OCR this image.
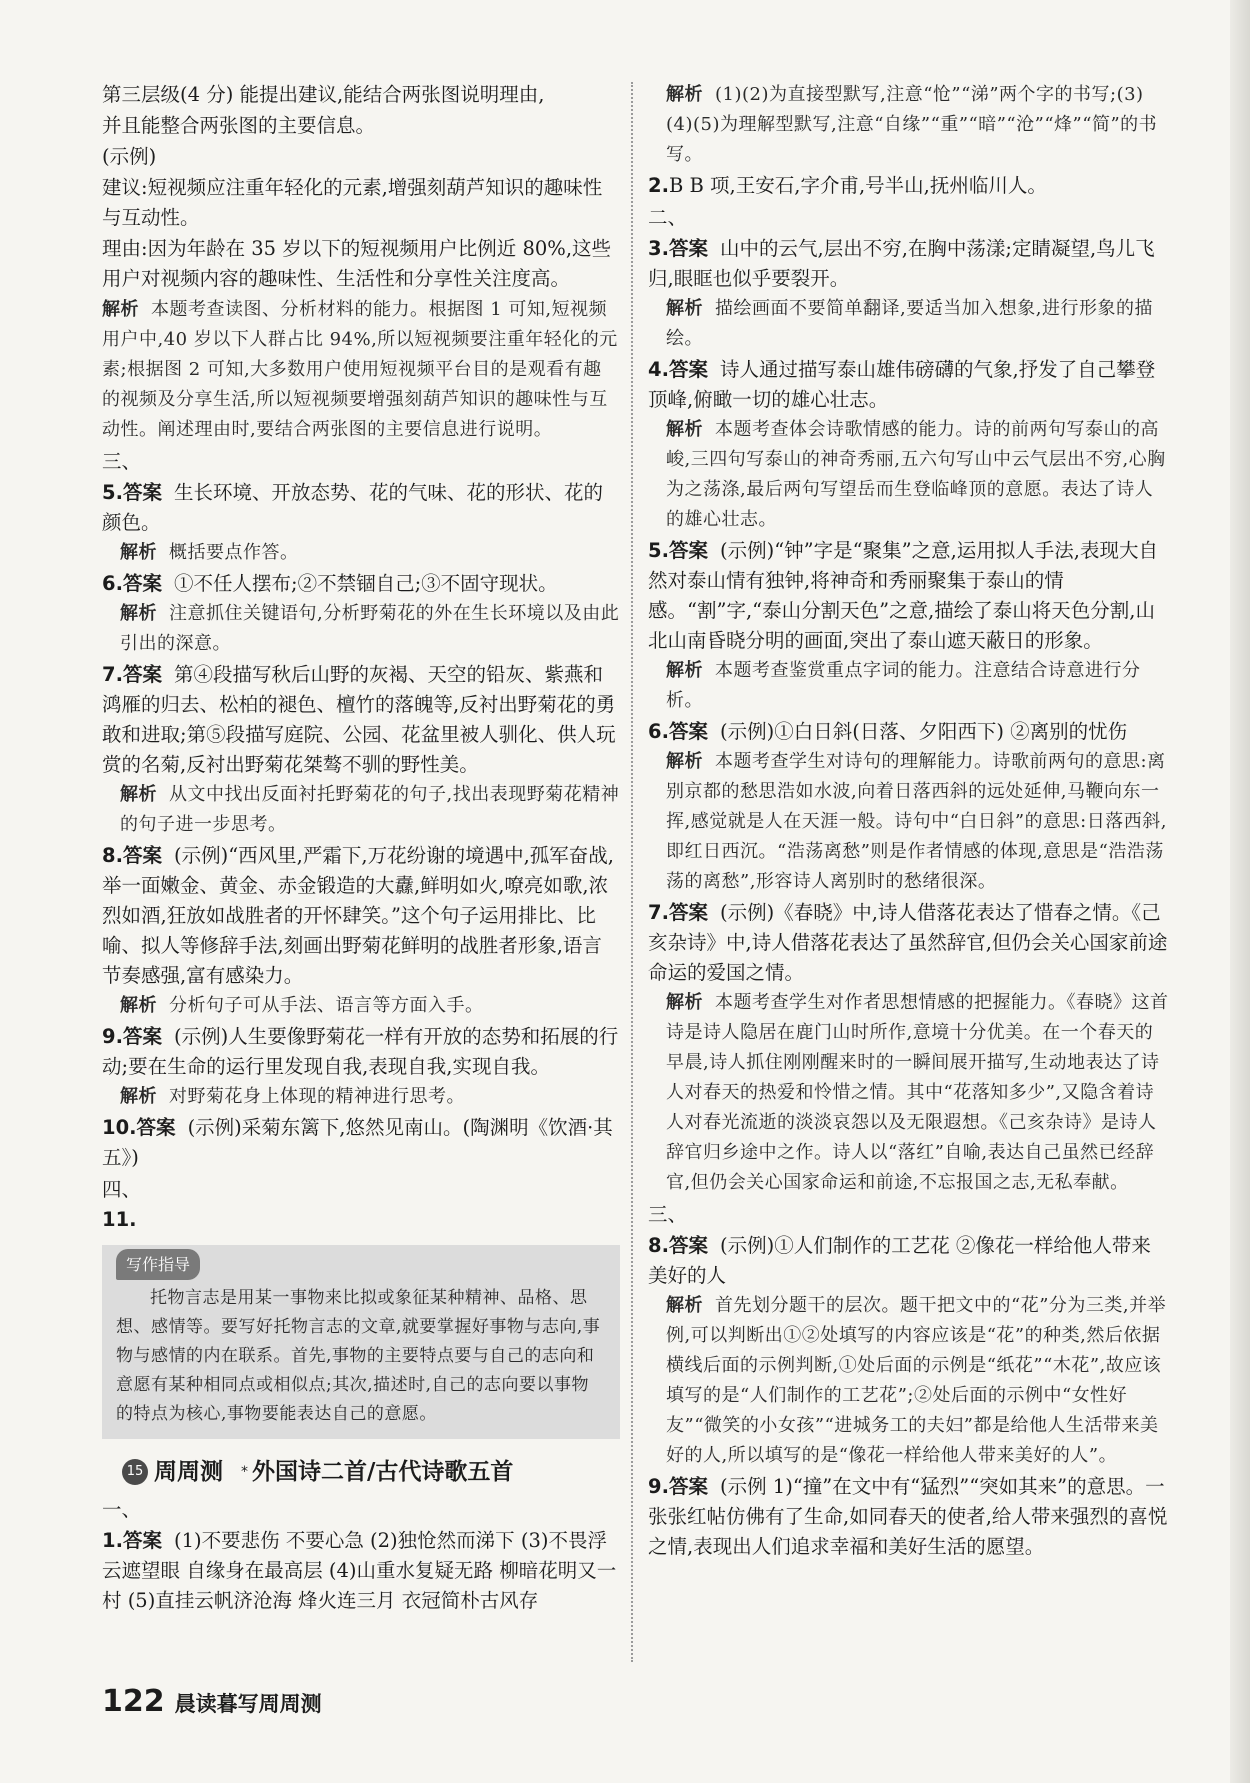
第三层级(4 分) 能提出建议,能结合两张图说明理由,
并且能整合两张图的主要信息。
(示例)
建议:短视频应注重年轻化的元素,增强刻葫芦知识的趣味性与互动性。
理由:因为年龄在 35 岁以下的短视频用户比例近 80%,这些用户对视频内容的趣味性、生活性和分享性关注度高。
解析 本题考查读图、分析材料的能力。根据图 1 可知,短视频用户中,40 岁以下人群占比 94%,所以短视频要注重年轻化的元素;根据图 2 可知,大多数用户使用短视频平台目的是观看有趣的视频及分享生活,所以短视频要增强刻葫芦知识的趣味性与互动性。阐述理由时,要结合两张图的主要信息进行说明。
三、
5.答案 生长环境、开放态势、花的气味、花的形状、花的颜色。
解析 概括要点作答。
6.答案 ①不任人摆布;②不禁锢自己;③不固守现状。
解析 注意抓住关键语句,分析野菊花的外在生长环境以及由此引出的深意。
7.答案 第④段描写秋后山野的灰褐、天空的铅灰、紫燕和鸿雁的归去、松柏的褪色、檀竹的落魄等,反衬出野菊花的勇敢和进取;第⑤段描写庭院、公园、花盆里被人驯化、供人玩赏的名菊,反衬出野菊花桀骜不驯的野性美。
解析 从文中找出反面衬托野菊花的句子,找出表现野菊花精神的句子进一步思考。
8.答案 (示例)“西风里,严霜下,万花纷谢的境遇中,孤军奋战,举一面嫩金、黄金、赤金锻造的大纛,鲜明如火,嘹亮如歌,浓烈如酒,狂放如战胜者的开怀肆笑。”这个句子运用排比、比喻、拟人等修辞手法,刻画出野菊花鲜明的战胜者形象,语言节奏感强,富有感染力。
解析 分析句子可从手法、语言等方面入手。
9.答案 (示例)人生要像野菊花一样有开放的态势和拓展的行动;要在生命的运行里发现自我,表现自我,实现自我。
解析 对野菊花身上体现的精神进行思考。
10.答案 (示例)采菊东篱下,悠然见南山。(陶渊明《饮酒·其五》)
四、
11.
写作指导
托物言志是用某一事物来比拟或象征某种精神、品格、思想、感情等。要写好托物言志的文章,就要掌握好事物与志向,事物与感情的内在联系。首先,事物的主要特点要与自己的志向和意愿有某种相同点或相似点;其次,描述时,自己的志向要以事物的特点为核心,事物要能表达自己的意愿。
15 周周测 * 外国诗二首/古代诗歌五首
一、
1.答案 (1)不要悲伤 不要心急 (2)独怆然而涕下 (3)不畏浮云遮望眼 自缘身在最高层 (4)山重水复疑无路 柳暗花明又一村 (5)直挂云帆济沧海 烽火连三月 衣冠简朴古风存
解析 (1)(2)为直接型默写,注意“怆”“涕”两个字的书写;(3)(4)(5)为理解型默写,注意“自缘”“重”“暗”“沧”“烽”“简”的书写。
2.B B 项,王安石,字介甫,号半山,抚州临川人。
二、
3.答案 山中的云气,层出不穷,在胸中荡漾;定睛凝望,鸟儿飞归,眼眶也似乎要裂开。
解析 描绘画面不要简单翻译,要适当加入想象,进行形象的描绘。
4.答案 诗人通过描写泰山雄伟磅礴的气象,抒发了自己攀登顶峰,俯瞰一切的雄心壮志。
解析 本题考查体会诗歌情感的能力。诗的前两句写泰山的高峻,三四句写泰山的神奇秀丽,五六句写山中云气层出不穷,心胸为之荡涤,最后两句写望岳而生登临峰顶的意愿。表达了诗人的雄心壮志。
5.答案 (示例)“钟”字是“聚集”之意,运用拟人手法,表现大自然对泰山情有独钟,将神奇和秀丽聚集于泰山的情感。“割”字,“泰山分割天色”之意,描绘了泰山将天色分割,山北山南昏晓分明的画面,突出了泰山遮天蔽日的形象。
解析 本题考查鉴赏重点字词的能力。注意结合诗意进行分析。
6.答案 (示例)①白日斜(日落、夕阳西下) ②离别的忧伤
解析 本题考查学生对诗句的理解能力。诗歌前两句的意思:离别京都的愁思浩如水波,向着日落西斜的远处延伸,马鞭向东一挥,感觉就是人在天涯一般。诗句中“白日斜”的意思:日落西斜,即红日西沉。“浩荡离愁”则是作者情感的体现,意思是“浩浩荡荡的离愁”,形容诗人离别时的愁绪很深。
7.答案 (示例)《春晓》中,诗人借落花表达了惜春之情。《己亥杂诗》中,诗人借落花表达了虽然辞官,但仍会关心国家前途命运的爱国之情。
解析 本题考查学生对作者思想情感的把握能力。《春晓》这首诗是诗人隐居在鹿门山时所作,意境十分优美。在一个春天的早晨,诗人抓住刚刚醒来时的一瞬间展开描写,生动地表达了诗人对春天的热爱和怜惜之情。其中“花落知多少”,又隐含着诗人对春光流逝的淡淡哀怨以及无限遐想。《己亥杂诗》是诗人辞官归乡途中之作。诗人以“落红”自喻,表达自己虽然已经辞官,但仍会关心国家命运和前途,不忘报国之志,无私奉献。
三、
8.答案 (示例)①人们制作的工艺花 ②像花一样给他人带来美好的人
解析 首先划分题干的层次。题干把文中的“花”分为三类,并举例,可以判断出①②处填写的内容应该是“花”的种类,然后依据横线后面的示例判断,①处后面的示例是“纸花”“木花”,故应该填写的是“人们制作的工艺花”;②处后面的示例中“女性好友”“微笑的小女孩”“进城务工的夫妇”都是给他人生活带来美好的人,所以填写的是“像花一样给他人带来美好的人”。
9.答案 (示例 1)“撞”在文中有“猛烈”“突如其来”的意思。一张张红帖仿佛有了生命,如同春天的使者,给人带来强烈的喜悦之情,表现出人们追求幸福和美好生活的愿望。
122 晨读暮写周周测
